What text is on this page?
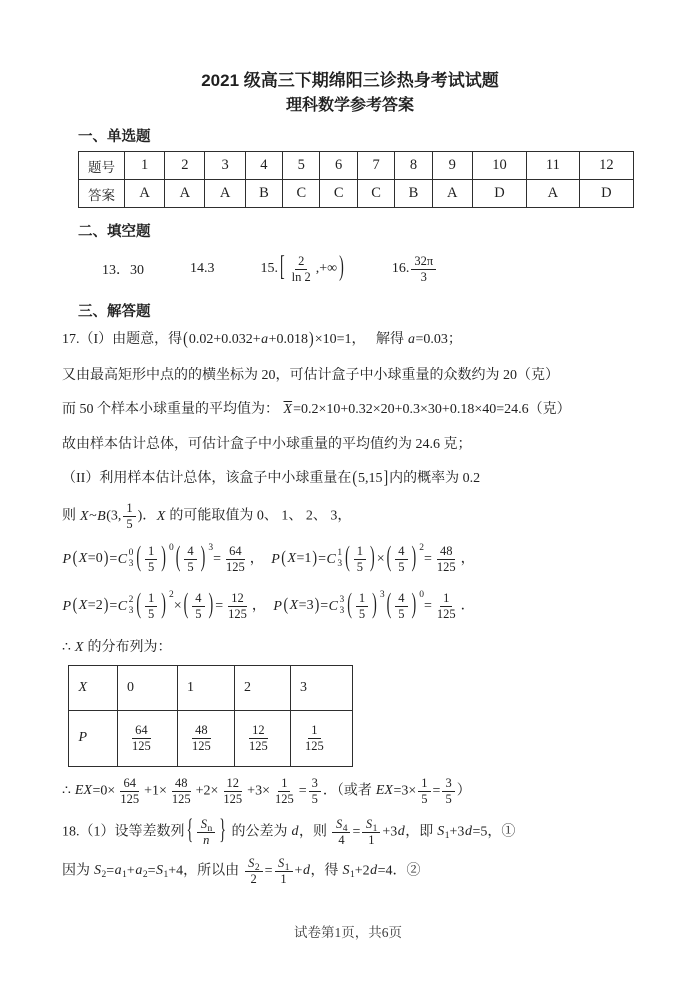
2021 级高三下期绵阳三诊热身考试试题
理科数学参考答案
一、单选题
题号	1	2	3	4	5	6	7	8	9	10	11	12
答案	A	A	A	B	C	C	C	B	A	D	A	D
二、填空题
13．30	14.3	15. [ 2
ln 2
,+∞ )	16.
32π
3
三、解答题
17.（I）由题意，得 ( 0.02+0.032+ a +0.018 ) ×10=1，　 解得 a=0.03；
又由最高矩形中点的的横坐标为 20，可估计盒子中小球重量的众数约为 20（克）
而 50 个样本小球重量的平均值为： $\overline{X}=0.2\times 10+0.32\times 20+0.3\times 30+0.18\times 40=24.6$（克）
故由样本估计总体，可估计盒子中小球重量的平均值约为 24.6 克；
（II）利用样本估计总体，该盒子中小球重量在 ( 5,15 ] 内的概率为 0.2
则 X~B(3, $\frac{1}{5}$ )．X 的可能取值为 0、 1、 2、 3，
P ( X =0 ) = C 0
3 ( 1
5 ) 0 ( 4
5 ) 3
= $\frac{64}{125}$ ，　P ( X =1 ) = C 1
3 ( 1
5 ) × ( 4
5 ) 2
= $\frac{48}{125}$ ，
P ( X =2 ) = C 2
3 ( 1
5 ) 2
× ( 4
5 ) = $\frac{12}{125}$ ，　P ( X =3 ) = C 3
3 ( 1
5 ) 3 ( 4
5 ) 0
= $\frac{1}{125}$ ．
∴ X 的分布列为：
X	0	1	2	3
P	$\frac{64}{125}$	$\frac{48}{125}$	$\frac{12}{125}$	$\frac{1}{125}$
∴ $EX=0\times \frac{64}{125} +1\times \frac{48}{125} +2\times \frac{12}{125} +3\times \frac{1}{125} = \frac{3}{5}$ ．（或者 $EX=3\times \frac{1}{5} = \frac{3}{5}$ ）
18.（1）设等差数列 { S n
n } 的公差为 d，则 $\frac{S 4}{4} = \frac{S 1}{1} +3d$，即 S 1 +3d=5，①
因为 S 2 = a 1 + a 2 = S 1 +4，所以由 $\frac{S 2}{2} = \frac{S 1}{1} +d$，得 S 1 +2d=4．②
试卷第1页，共6页
